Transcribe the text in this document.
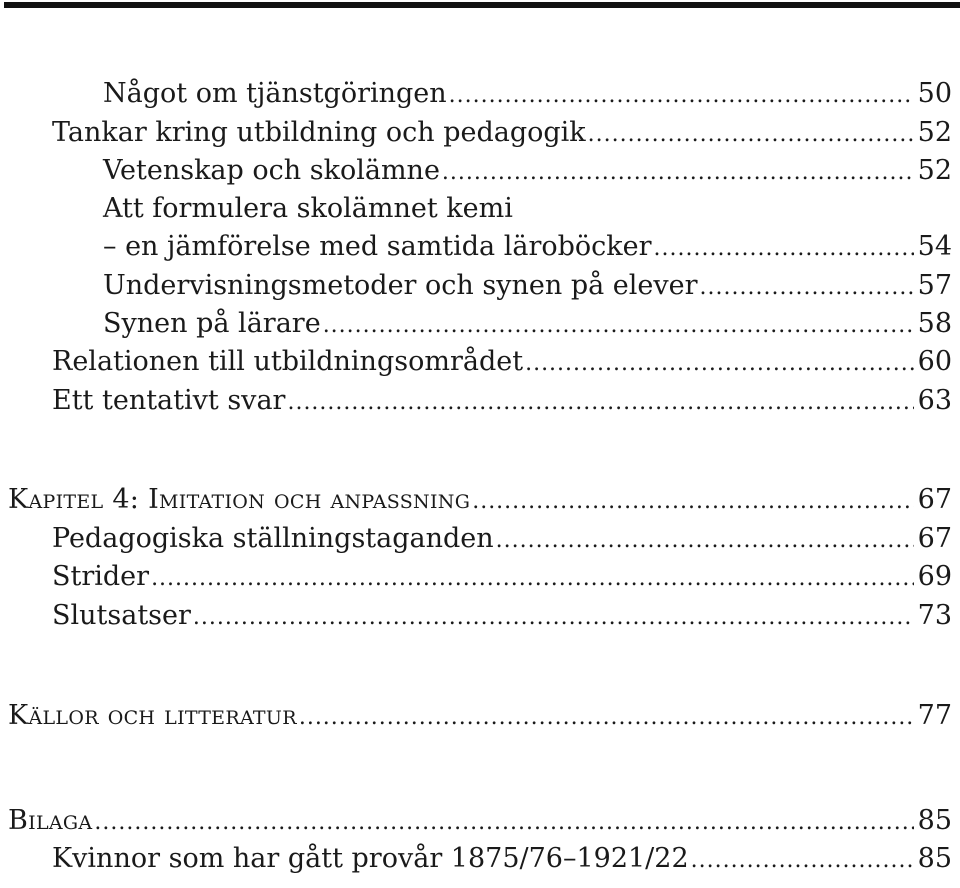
Något om tjänstgöringen .....	50
Tankar kring utbildning och pedagogik .....	52
Vetenskap och skolämne .....	52
Att formulera skolämnet kemi
– en jämförelse med samtida läroböcker .....	54
Undervisningsmetoder och synen på elever .....	57
Synen på lärare .....	58
Relationen till utbildningsområdet .....	60
Ett tentativt svar .....	63
Kapitel 4: Imitation och anpassning .....	67
Pedagogiska ställningstaganden .....	67
Strider .....	69
Slutsatser .....	73
Källor och litteratur .....	77
Bilaga .....	85
Kvinnor som har gått provår 1875/76–1921/22 .....	85
